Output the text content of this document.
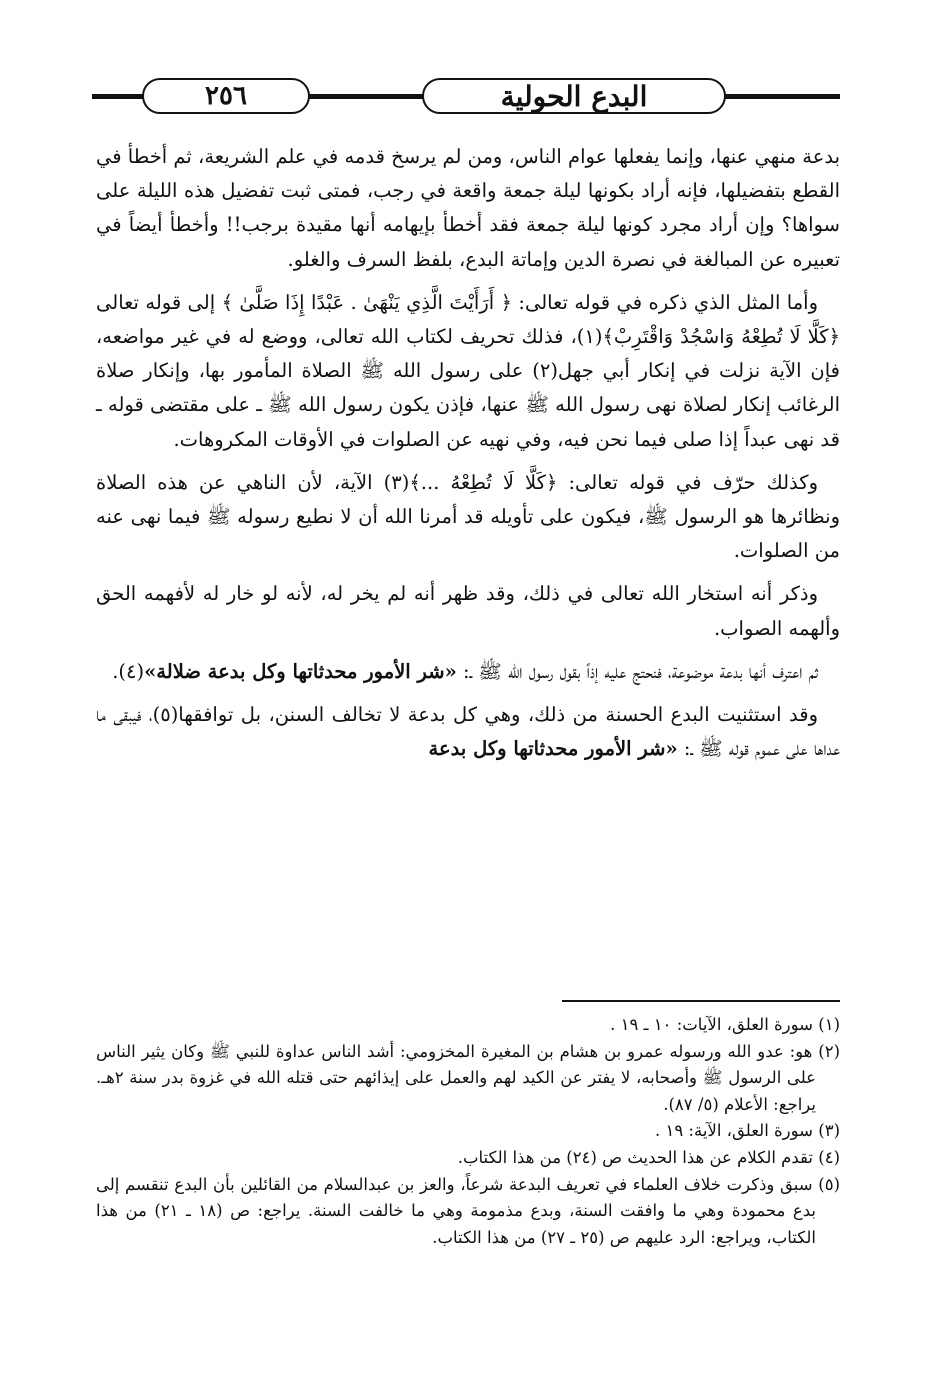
٢٥٦	البدع الحولية

بدعة منهي عنها، وإنما يفعلها عوام الناس، ومن لم يرسخ قدمه في علم الشريعة، ثم أخطأ في القطع بتفضيلها، فإنه أراد بكونها ليلة جمعة واقعة في رجب، فمتى ثبت تفضيل هذه الليلة على سواها؟ وإن أراد مجرد كونها ليلة جمعة فقد أخطأ بإيهامه أنها مقيدة برجب!! وأخطأ أيضاً في تعبيره عن المبالغة في نصرة الدين وإماتة البدع، بلفظ السرف والغلو.

وأما المثل الذي ذكره في قوله تعالى: ﴿ أَرَأَيْتَ الَّذِي يَنْهَىٰ . عَبْدًا إِذَا صَلَّىٰ ﴾ إلى قوله تعالى ﴿كَلَّا لَا تُطِعْهُ وَاسْجُدْ وَاقْتَرِبْ﴾(١)، فذلك تحريف لكتاب الله تعالى، ووضع له في غير مواضعه، فإن الآية نزلت في إنكار أبي جهل(٢) على رسول الله ﷺ الصلاة المأمور بها، وإنكار صلاة الرغائب إنكار لصلاة نهى رسول الله ﷺ عنها، فإذن يكون رسول الله ﷺ ـ على مقتضى قوله ـ قد نهى عبداً إذا صلى فيما نحن فيه، وفي نهيه عن الصلوات في الأوقات المكروهات.

وكذلك حرّف في قوله تعالى: ﴿كَلَّا لَا تُطِعْهُ ...﴾(٣) الآية، لأن الناهي عن هذه الصلاة ونظائرها هو الرسول ﷺ، فيكون على تأويله قد أمرنا الله أن لا نطيع رسوله ﷺ فيما نهى عنه من الصلوات.

وذكر أنه استخار الله تعالى في ذلك، وقد ظهر أنه لم يخر له، لأنه لو خار له لأفهمه الحق وألهمه الصواب.

ثم اعترف أنها بدعة موضوعة، فنحتج عليه إذاً بقول رسول الله ﷺ ـ: «شر الأمور محدثاتها وكل بدعة ضلالة»(٤).

وقد استثنيت البدع الحسنة من ذلك، وهي كل بدعة لا تخالف السنن، بل توافقها(٥)، فيبقى ما عداها على عموم قوله ﷺ ـ: «شر الأمور محدثاتها وكل بدعة

(١) سورة العلق، الآيات: ١٠ ـ ١٩ .

(٢) هو: عدو الله ورسوله عمرو بن هشام بن المغيرة المخزومي: أشد الناس عداوة للنبي ﷺ وكان يثير الناس على الرسول ﷺ وأصحابه، لا يفتر عن الكيد لهم والعمل على إيذائهم حتى قتله الله في غزوة بدر سنة ٢هـ. يراجع: الأعلام (٥/ ٨٧).

(٣) سورة العلق، الآية: ١٩ .

(٤) تقدم الكلام عن هذا الحديث ص (٢٤) من هذا الكتاب.

(٥) سبق وذكرت خلاف العلماء في تعريف البدعة شرعاً، والعز بن عبدالسلام من القائلين بأن البدع تنقسم إلى بدع محمودة وهي ما وافقت السنة، وبدع مذمومة وهي ما خالفت السنة. يراجع: ص (١٨ ـ ٢١) من هذا الكتاب، ويراجع: الرد عليهم ص (٢٥ ـ ٢٧) من هذا الكتاب.
